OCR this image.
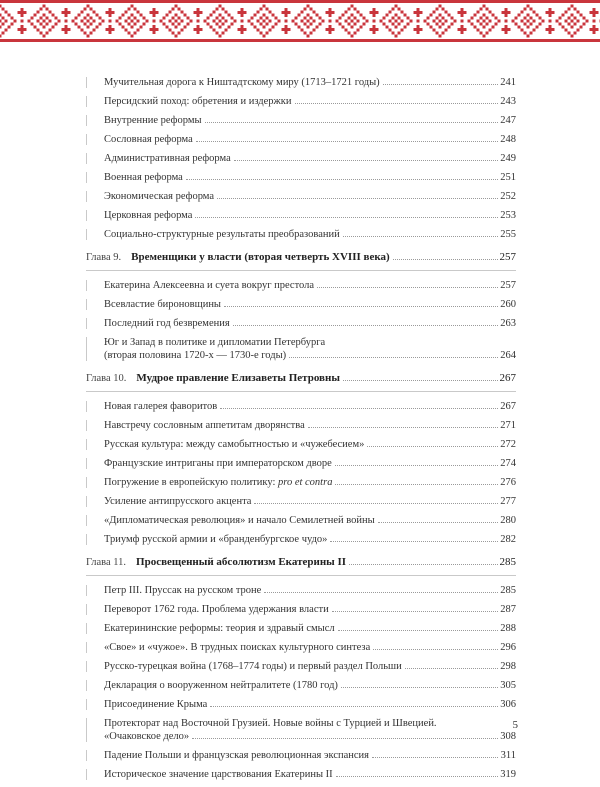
Мучительная дорога к Ништадтскому миру (1713–1721 годы)	241
Персидский поход: обретения и издержки	243
Внутренние реформы	247
Сословная реформа	248
Административная реформа	249
Военная реформа	251
Экономическая реформа	252
Церковная реформа	253
Социально-структурные результаты преобразований	255
Глава 9. Временщики у власти (вторая четверть XVIII века)	257
Екатерина Алексеевна и суета вокруг престола	257
Всевластие бироновщины	260
Последний год безвремения	263
Юг и Запад в политике и дипломатии Петербурга
(вторая половина 1720-х — 1730-е годы)	264
Глава 10. Мудрое правление Елизаветы Петровны	267
Новая галерея фаворитов	267
Навстречу сословным аппетитам дворянства	271
Русская культура: между самобытностью и «чужебесием»	272
Французские интриганы при императорском дворе	274
Погружение в европейскую политику: pro et contra	276
Усиление антипрусского акцента	277
«Дипломатическая революция» и начало Семилетней войны	280
Триумф русской армии и «бранденбургское чудо»	282
Глава 11. Просвещенный абсолютизм Екатерины II	285
Петр III. Пруссак на русском троне	285
Переворот 1762 года. Проблема удержания власти	287
Екатерининские реформы: теория и здравый смысл	288
«Свое» и «чужое». В трудных поисках культурного синтеза	296
Русско-турецкая война (1768–1774 годы) и первый раздел Польши	298
Декларация о вооруженном нейтралитете (1780 год)	305
Присоединение Крыма	306
Протекторат над Восточной Грузией. Новые войны с Турцией и Швецией.
«Очаковское дело»	308
Падение Польши и французская революционная экспансия	311
Историческое значение царствования Екатерины II	319
5
